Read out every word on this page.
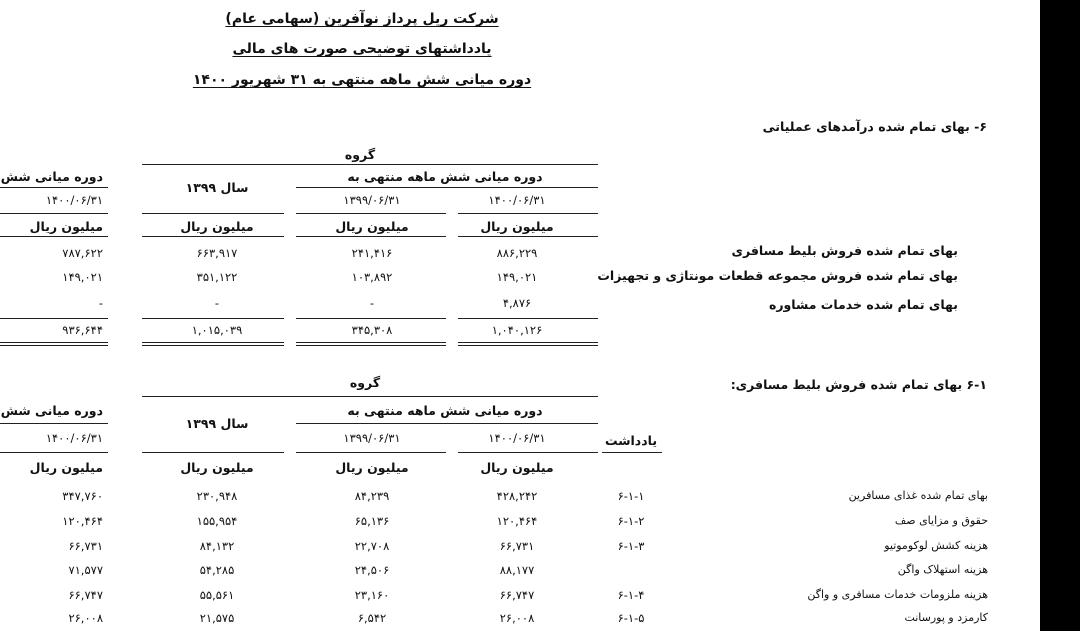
شرکت ریل پرداز نوآفرین (سهامی عام)
یادداشتهای توضیحی صورت های مالی
دوره میانی شش ماهه منتهی به ۳۱ شهریور ۱۴۰۰
۶- بهای تمام شده درآمدهای عملیاتی
گروه
دوره میانی شش ماهه منتهی به
سال ۱۳۹۹
دوره میانی شش
۱۴۰۰/۰۶/۳۱
۱۳۹۹/۰۶/۳۱
۱۴۰۰/۰۶/۳۱
میلیون ریال
میلیون ریال
میلیون ریال
میلیون ریال
بهای تمام شده فروش بلیط مسافری
۸۸۶,۲۲۹
۲۴۱,۴۱۶
۶۶۳,۹۱۷
۷۸۷,۶۲۲
بهای تمام شده فروش مجموعه قطعات مونتاژی و تجهیزات
۱۴۹,۰۲۱
۱۰۳,۸۹۲
۳۵۱,۱۲۲
۱۴۹,۰۲۱
بهای تمام شده خدمات مشاوره
۴,۸۷۶
-
-
-
۱,۰۴۰,۱۲۶
۳۴۵,۳۰۸
۱,۰۱۵,۰۳۹
۹۳۶,۶۴۴
۶-۱ بهای تمام شده فروش بلیط مسافری:
گروه
دوره میانی شش ماهه منتهی به
سال ۱۳۹۹
دوره میانی شش
۱۴۰۰/۰۶/۳۱
۱۳۹۹/۰۶/۳۱
۱۴۰۰/۰۶/۳۱	یادداشت
میلیون ریال
میلیون ریال
میلیون ریال
میلیون ریال
بهای تمام شده غذای مسافرین
۶-۱-۱
۴۲۸,۲۴۲
۸۴,۲۳۹
۲۳۰,۹۴۸
۳۴۷,۷۶۰
حقوق و مزایای صف
۶-۱-۲
۱۲۰,۴۶۴
۶۵,۱۳۶
۱۵۵,۹۵۴
۱۲۰,۴۶۴
هزینه کشش لوکوموتیو
۶-۱-۳
۶۶,۷۳۱
۲۲,۷۰۸
۸۴,۱۳۲
۶۶,۷۳۱
هزینه استهلاک واگن
۸۸,۱۷۷
۲۴,۵۰۶
۵۴,۲۸۵
۷۱,۵۷۷
هزینه ملزومات خدمات مسافری و واگن
۶-۱-۴
۶۶,۷۴۷
۲۳,۱۶۰
۵۵,۵۶۱
۶۶,۷۴۷
کارمزد و پورسانت
۶-۱-۵
۲۶,۰۰۸
۶,۵۴۲
۲۱,۵۷۵
۲۶,۰۰۸
